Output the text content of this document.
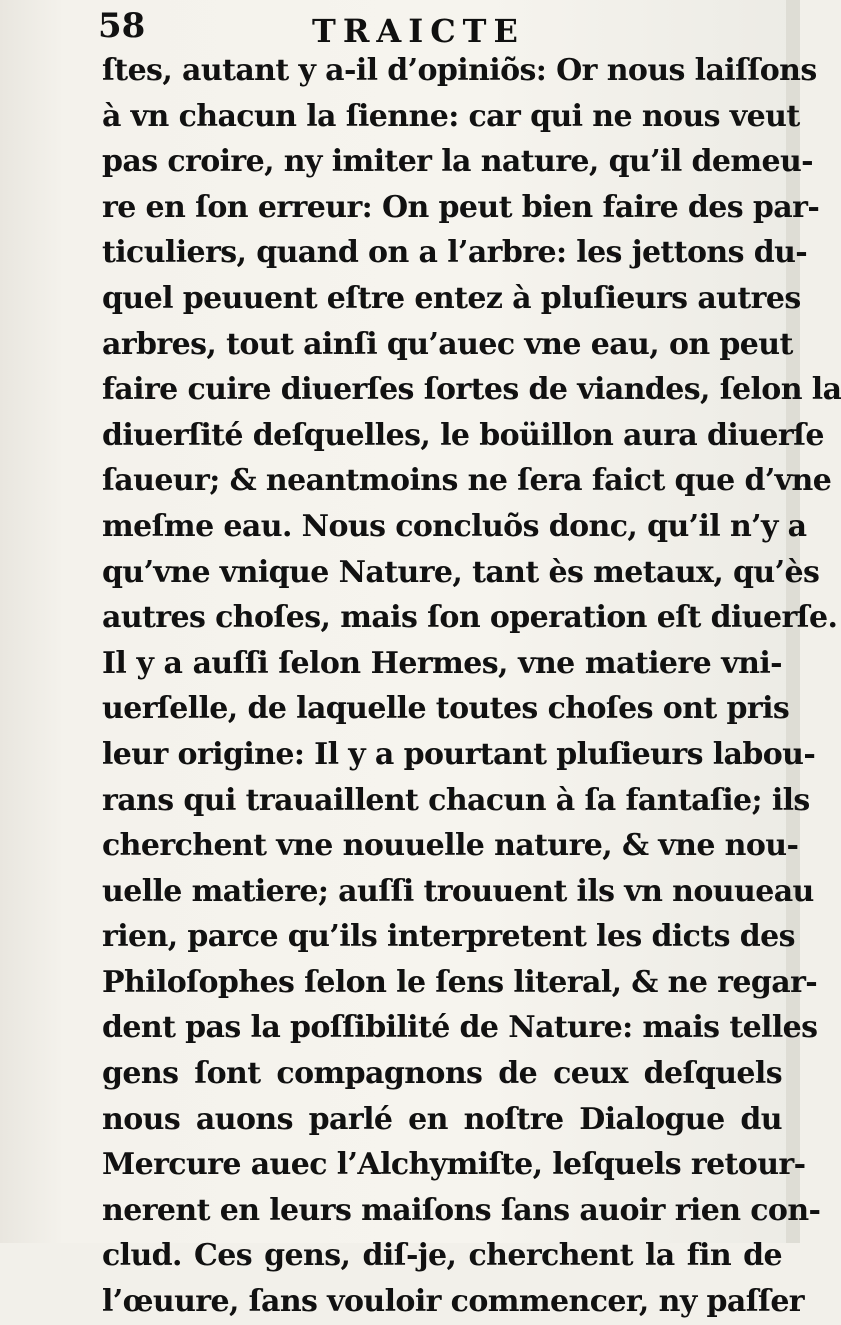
58	TRAICTE
ſtes, autant y a-il d’opiniõs: Or nous laiſſons
à vn chacun la ſienne: car qui ne nous veut
pas croire, ny imiter la nature, qu’il demeu-
re en ſon erreur: On peut bien faire des par-
ticuliers, quand on a l’arbre: les jettons du-
quel peuuent eſtre entez à pluſieurs autres
arbres, tout ainſi qu’auec vne eau, on peut
faire cuire diuerſes ſortes de viandes, ſelon la
diuerſité deſquelles, le boüillon aura diuerſe
ſaueur; & neantmoins ne ſera faict que d’vne
meſme eau. Nous concluõs donc, qu’il n’y a
qu’vne vnique Nature, tant ès metaux, qu’ès
autres choſes, mais ſon operation eſt diuerſe.
Il y a auſſi ſelon Hermes, vne matiere vni-
uerſelle, de laquelle toutes choſes ont pris
leur origine: Il y a pourtant pluſieurs labou-
rans qui trauaillent chacun à ſa fantaſie; ils
cherchent vne nouuelle nature, & vne nou-
uelle matiere; auſſi trouuent ils vn nouueau
rien, parce qu’ils interpretent les dicts des
Philoſophes ſelon le ſens literal, & ne regar-
dent pas la poſſibilité de Nature: mais telles
gens ſont compagnons de ceux deſquels
nous auons parlé en noſtre Dialogue du
Mercure auec l’Alchymiſte, leſquels retour-
nerent en leurs maiſons ſans auoir rien con-
clud. Ces gens, diſ-je, cherchent la fin de
l’œuure, ſans vouloir commencer, ny paſſer
